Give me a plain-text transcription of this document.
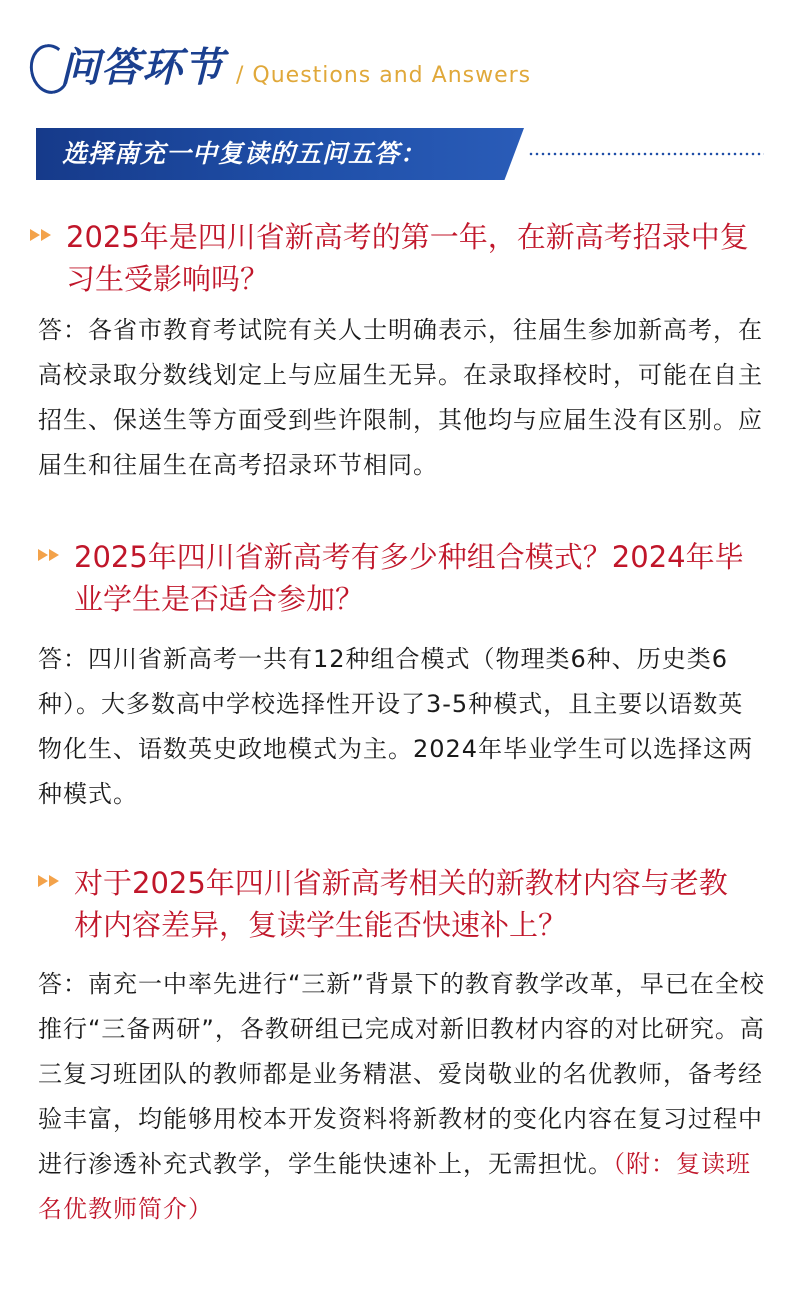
问答环节 / Questions and Answers
选择南充一中复读的五问五答：
2025年是四川省新高考的第一年，在新高考招录中复习生受影响吗？
答：各省市教育考试院有关人士明确表示，往届生参加新高考，在高校录取分数线划定上与应届生无异。在录取择校时，可能在自主招生、保送生等方面受到些许限制，其他均与应届生没有区别。应届生和往届生在高考招录环节相同。
2025年四川省新高考有多少种组合模式？2024年毕业学生是否适合参加？
答：四川省新高考一共有12种组合模式（物理类6种、历史类6种）。大多数高中学校选择性开设了3-5种模式，且主要以语数英物化生、语数英史政地模式为主。2024年毕业学生可以选择这两种模式。
对于2025年四川省新高考相关的新教材内容与老教材内容差异，复读学生能否快速补上？
答：南充一中率先进行“三新”背景下的教育教学改革，早已在全校推行“三备两研”，各教研组已完成对新旧教材内容的对比研究。高三复习班团队的教师都是业务精湛、爱岗敬业的名优教师，备考经验丰富，均能够用校本开发资料将新教材的变化内容在复习过程中进行渗透补充式教学，学生能快速补上，无需担忧。（附：复读班名优教师简介）
